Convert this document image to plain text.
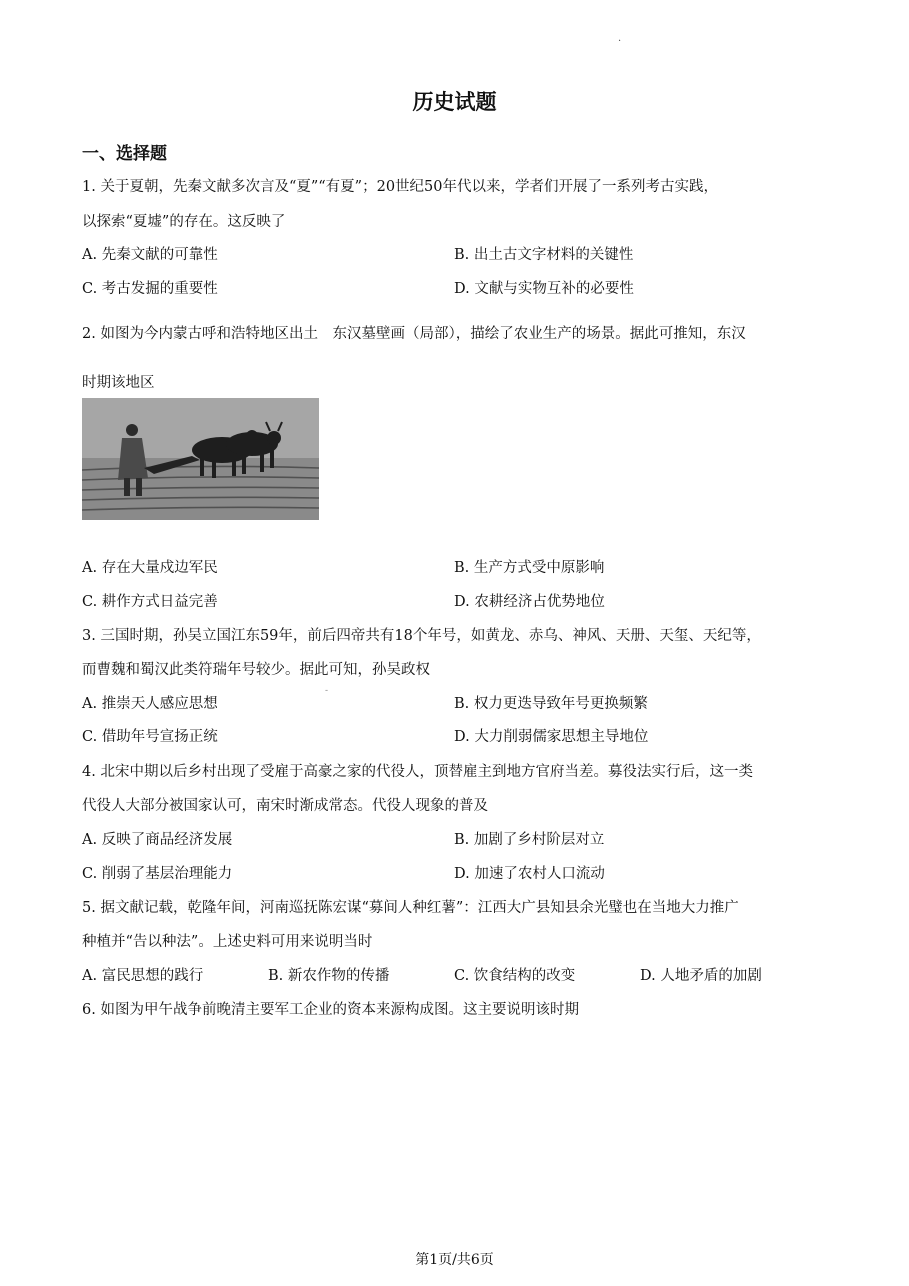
·
历史试题
一、选择题
1. 关于夏朝，先秦文献多次言及“夏”“有夏”；20世纪50年代以来，学者们开展了一系列考古实践，
以探索“夏墟”的存在。这反映了
A. 先秦文献的可靠性	B. 出土古文字材料的关键性
C. 考古发掘的重要性	D. 文献与实物互补的必要性
2. 如图为今内蒙古呼和浩特地区出土　东汉墓壁画（局部），描绘了农业生产的场景。据此可推知，东汉
时期该地区
A. 存在大量戍边军民	B. 生产方式受中原影响
C. 耕作方式日益完善	D. 农耕经济占优势地位
3. 三国时期，孙吴立国江东59年，前后四帝共有18个年号，如黄龙、赤乌、神风、天册、天玺、天纪等，
而曹魏和蜀汉此类符瑞年号较少。据此可知，孙吴政权
-
A. 推崇天人感应思想	B. 权力更迭导致年号更换频繁
C. 借助年号宣扬正统	D. 大力削弱儒家思想主导地位
4. 北宋中期以后乡村出现了受雇于高豪之家的代役人，顶替雇主到地方官府当差。募役法实行后，这一类
代役人大部分被国家认可，南宋时渐成常态。代役人现象的普及
A. 反映了商品经济发展	B. 加剧了乡村阶层对立
C. 削弱了基层治理能力	D. 加速了农村人口流动
5. 据文献记载，乾隆年间，河南巡抚陈宏谋“募间人种红薯”：江西大广县知县余光璧也在当地大力推广
种植并“告以种法”。上述史料可用来说明当时
A. 富民思想的践行	B. 新农作物的传播	C. 饮食结构的改变	D. 人地矛盾的加剧
6. 如图为甲午战争前晚清主要军工企业的资本来源构成图。这主要说明该时期
第1页/共6页
